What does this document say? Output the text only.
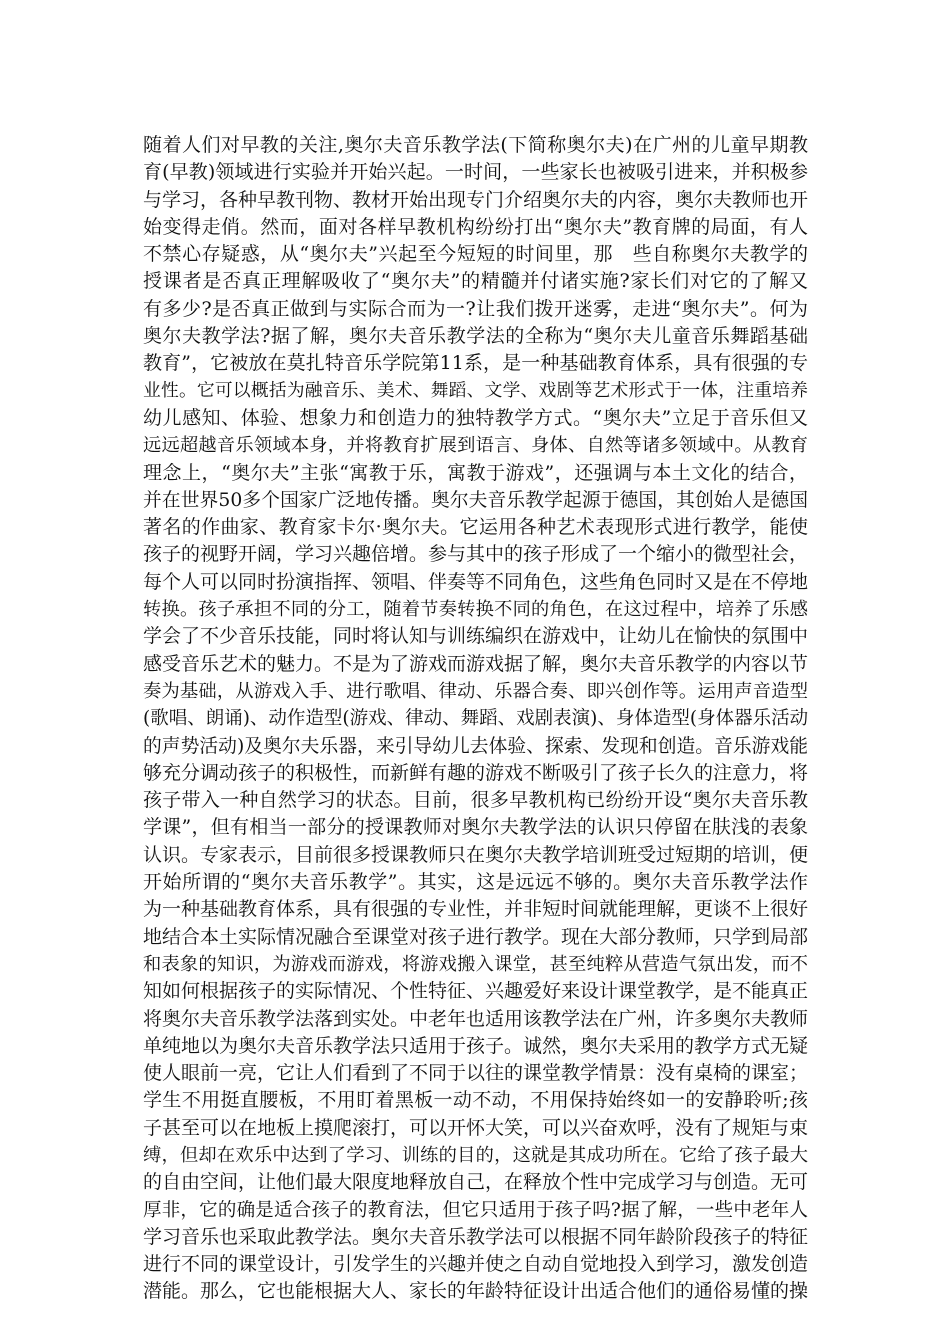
随着人们对早教的关注,奥尔夫音乐教学法(下简称奥尔夫)在广州的儿童早期教
育(早教)领域进行实验并开始兴起。一时间，一些家长也被吸引进来，并积极参
与学习，各种早教刊物、教材开始出现专门介绍奥尔夫的内容，奥尔夫教师也开
始变得走俏。然而，面对各样早教机构纷纷打出“奥尔夫”教育牌的局面，有人
不禁心存疑惑，从“奥尔夫”兴起至今短短的时间里，那　些自称奥尔夫教学的
授课者是否真正理解吸收了“奥尔夫”的精髓并付诸实施?家长们对它的了解又
有多少?是否真正做到与实际合而为一?让我们拨开迷雾，走进“奥尔夫”。何为
奥尔夫教学法?据了解，奥尔夫音乐教学法的全称为“奥尔夫儿童音乐舞蹈基础
教育”，它被放在莫扎特音乐学院第11系，是一种基础教育体系，具有很强的专
业性。它可以概括为融音乐、美术、舞蹈、文学、戏剧等艺术形式于一体，注重培养
幼儿感知、体验、想象力和创造力的独特教学方式。“奥尔夫”立足于音乐但又
远远超越音乐领域本身，并将教育扩展到语言、身体、自然等诸多领域中。从教育
理念上，“奥尔夫”主张“寓教于乐，寓教于游戏”，还强调与本土文化的结合，
并在世界50多个国家广泛地传播。奥尔夫音乐教学起源于德国，其创始人是德国
著名的作曲家、教育家卡尔·奥尔夫。它运用各种艺术表现形式进行教学，能使
孩子的视野开阔，学习兴趣倍增。参与其中的孩子形成了一个缩小的微型社会，
每个人可以同时扮演指挥、领唱、伴奏等不同角色，这些角色同时又是在不停地
转换。孩子承担不同的分工，随着节奏转换不同的角色，在这过程中，培养了乐感
学会了不少音乐技能，同时将认知与训练编织在游戏中，让幼儿在愉快的氛围中
感受音乐艺术的魅力。不是为了游戏而游戏据了解，奥尔夫音乐教学的内容以节
奏为基础，从游戏入手、进行歌唱、律动、乐器合奏、即兴创作等。运用声音造型
(歌唱、朗诵)、动作造型(游戏、律动、舞蹈、戏剧表演)、身体造型(身体器乐活动
的声势活动)及奥尔夫乐器，来引导幼儿去体验、探索、发现和创造。音乐游戏能
够充分调动孩子的积极性，而新鲜有趣的游戏不断吸引了孩子长久的注意力，将
孩子带入一种自然学习的状态。目前，很多早教机构已纷纷开设“奥尔夫音乐教
学课”，但有相当一部分的授课教师对奥尔夫教学法的认识只停留在肤浅的表象
认识。专家表示，目前很多授课教师只在奥尔夫教学培训班受过短期的培训，便
开始所谓的“奥尔夫音乐教学”。其实，这是远远不够的。奥尔夫音乐教学法作
为一种基础教育体系，具有很强的专业性，并非短时间就能理解，更谈不上很好
地结合本土实际情况融合至课堂对孩子进行教学。现在大部分教师，只学到局部
和表象的知识，为游戏而游戏，将游戏搬入课堂，甚至纯粹从营造气氛出发，而不
知如何根据孩子的实际情况、个性特征、兴趣爱好来设计课堂教学，是不能真正
将奥尔夫音乐教学法落到实处。中老年也适用该教学法在广州，许多奥尔夫教师
单纯地以为奥尔夫音乐教学法只适用于孩子。诚然，奥尔夫采用的教学方式无疑
使人眼前一亮，它让人们看到了不同于以往的课堂教学情景：没有桌椅的课室；
学生不用挺直腰板，不用盯着黑板一动不动，不用保持始终如一的安静聆听;孩
子甚至可以在地板上摸爬滚打，可以开怀大笑，可以兴奋欢呼，没有了规矩与束
缚，但却在欢乐中达到了学习、训练的目的，这就是其成功所在。它给了孩子最大
的自由空间，让他们最大限度地释放自己，在释放个性中完成学习与创造。无可
厚非，它的确是适合孩子的教育法，但它只适用于孩子吗?据了解，一些中老年人
学习音乐也采取此教学法。奥尔夫音乐教学法可以根据不同年龄阶段孩子的特征
进行不同的课堂设计，引发学生的兴趣并使之自动自觉地投入到学习，激发创造
潜能。那么，它也能根据大人、家长的年龄特征设计出适合他们的通俗易懂的操
